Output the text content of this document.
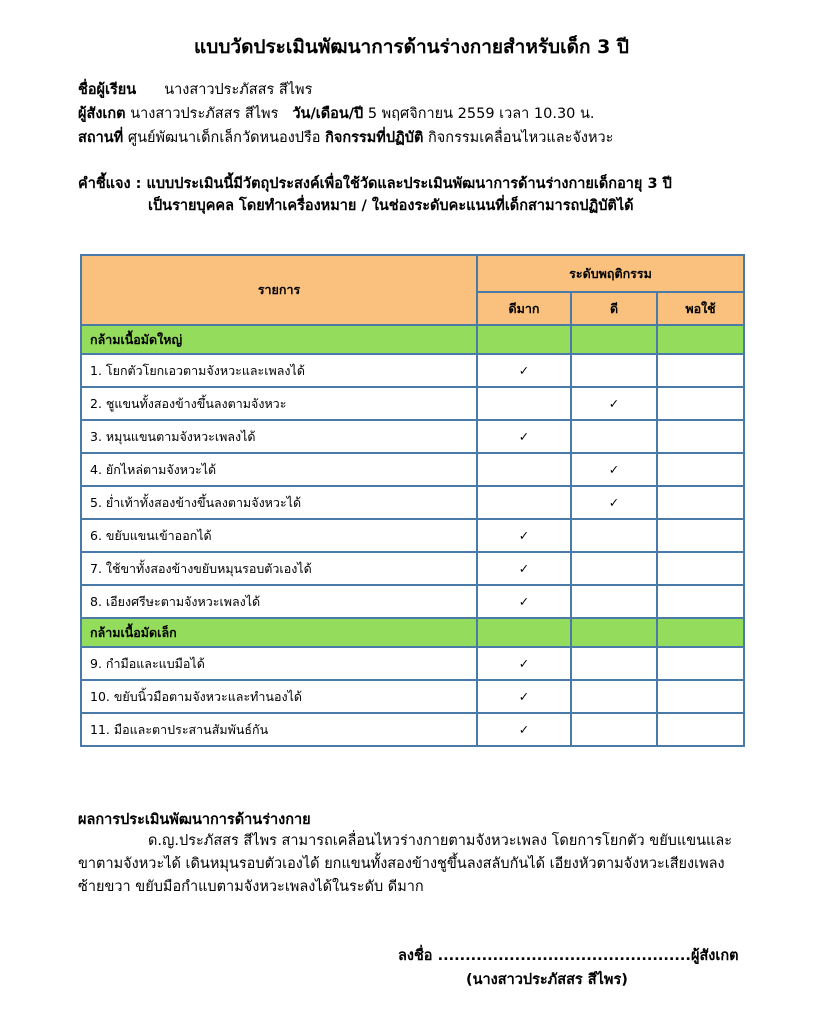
แบบวัดประเมินพัฒนาการด้านร่างกายสำหรับเด็ก 3 ปี
ชื่อผู้เรียน นางสาวประภัสสร สีไพร
ผู้สังเกต นางสาวประภัสสร สีไพร วัน/เดือน/ปี 5 พฤศจิกายน 2559 เวลา 10.30 น.
สถานที่ ศูนย์พัฒนาเด็กเล็กวัดหนองปรือ กิจกรรมที่ปฏิบัติ กิจกรรมเคลื่อนไหวและจังหวะ
คำชี้แจง : แบบประเมินนี้มีวัตถุประสงค์เพื่อใช้วัดและประเมินพัฒนาการด้านร่างกายเด็กอายุ 3 ปี
เป็นรายบุคคล โดยทำเครื่องหมาย / ในช่องระดับคะแนนที่เด็กสามารถปฏิบัติได้
รายการ	ระดับพฤติกรรม		
	ดีมาก	ดี	พอใช้
กล้ามเนื้อมัดใหญ่			
1. โยกตัวโยกเอวตามจังหวะและเพลงได้	✓		
2. ชูแขนทั้งสองข้างขึ้นลงตามจังหวะ		✓	
3. หมุนแขนตามจังหวะเพลงได้	✓		
4. ยักไหล่ตามจังหวะได้		✓	
5. ย่ำเท้าทั้งสองข้างขึ้นลงตามจังหวะได้		✓	
6. ขยับแขนเข้าออกได้	✓		
7. ใช้ขาทั้งสองข้างขยับหมุนรอบตัวเองได้	✓		
8. เอียงศรีษะตามจังหวะเพลงได้	✓		
กล้ามเนื้อมัดเล็ก			
9. กำมือและแบมือได้	✓		
10. ขยับนิ้วมือตามจังหวะและทำนองได้	✓		
11. มือและตาประสานสัมพันธ์กัน	✓		
ผลการประเมินพัฒนาการด้านร่างกาย
ด.ญ.ประภัสสร สีไพร สามารถเคลื่อนไหวร่างกายตามจังหวะเพลง โดยการโยกตัว ขยับแขนและขาตามจังหวะได้ เดินหมุนรอบตัวเองได้ ยกแขนทั้งสองข้างชูขึ้นลงสลับกันได้ เอียงหัวตามจังหวะเสียงเพลงซ้ายขวา ขยับมือกำแบตามจังหวะเพลงได้ในระดับ ดีมาก
ลงชื่อ ..............................................ผู้สังเกต
(นางสาวประภัสสร สีไพร)
